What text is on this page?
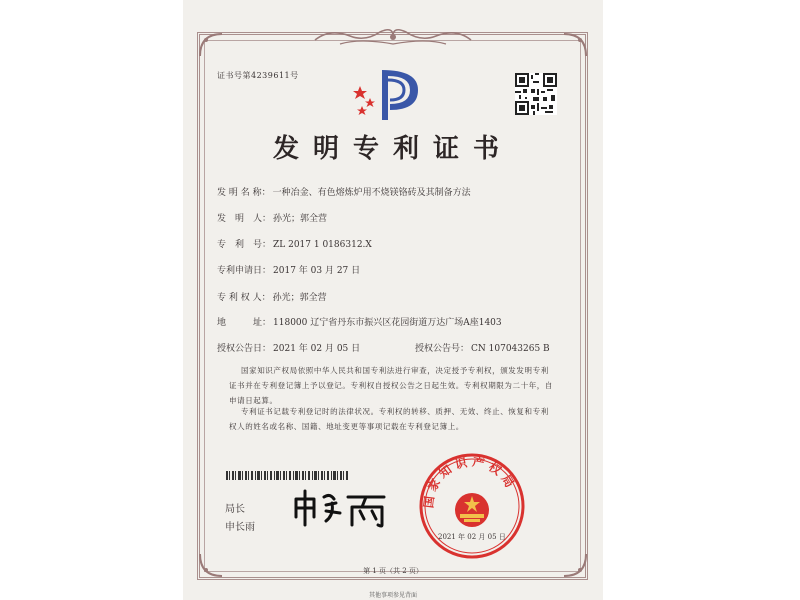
证书号第4239611号
发明专利证书
发 明 名 称： 一种冶金、有色熔炼炉用不烧镁铬砖及其制备方法
发　明　人： 孙光；郭全营
专　利　号： ZL 2017 1 0186312.X
专利申请日： 2017 年 03 月 27 日
专 利 权 人： 孙光；郭全营
地　　　址： 118000 辽宁省丹东市振兴区花园街道万达广场A座1403
授权公告日： 2021 年 02 月 05 日	授权公告号： CN 107043265 B
国家知识产权局依照中华人民共和国专利法进行审查，决定授予专利权，颁发发明专利证书并在专利登记簿上予以登记。专利权自授权公告之日起生效。专利权期限为二十年，自申请日起算。
专利证书记载专利登记时的法律状况。专利权的转移、质押、无效、终止、恢复和专利权人的姓名或名称、国籍、地址变更等事项记载在专利登记簿上。
局长
申长雨
国家知识产权局
2021 年 02 月 05 日
第 1 页（共 2 页）
其他事项参见背面
